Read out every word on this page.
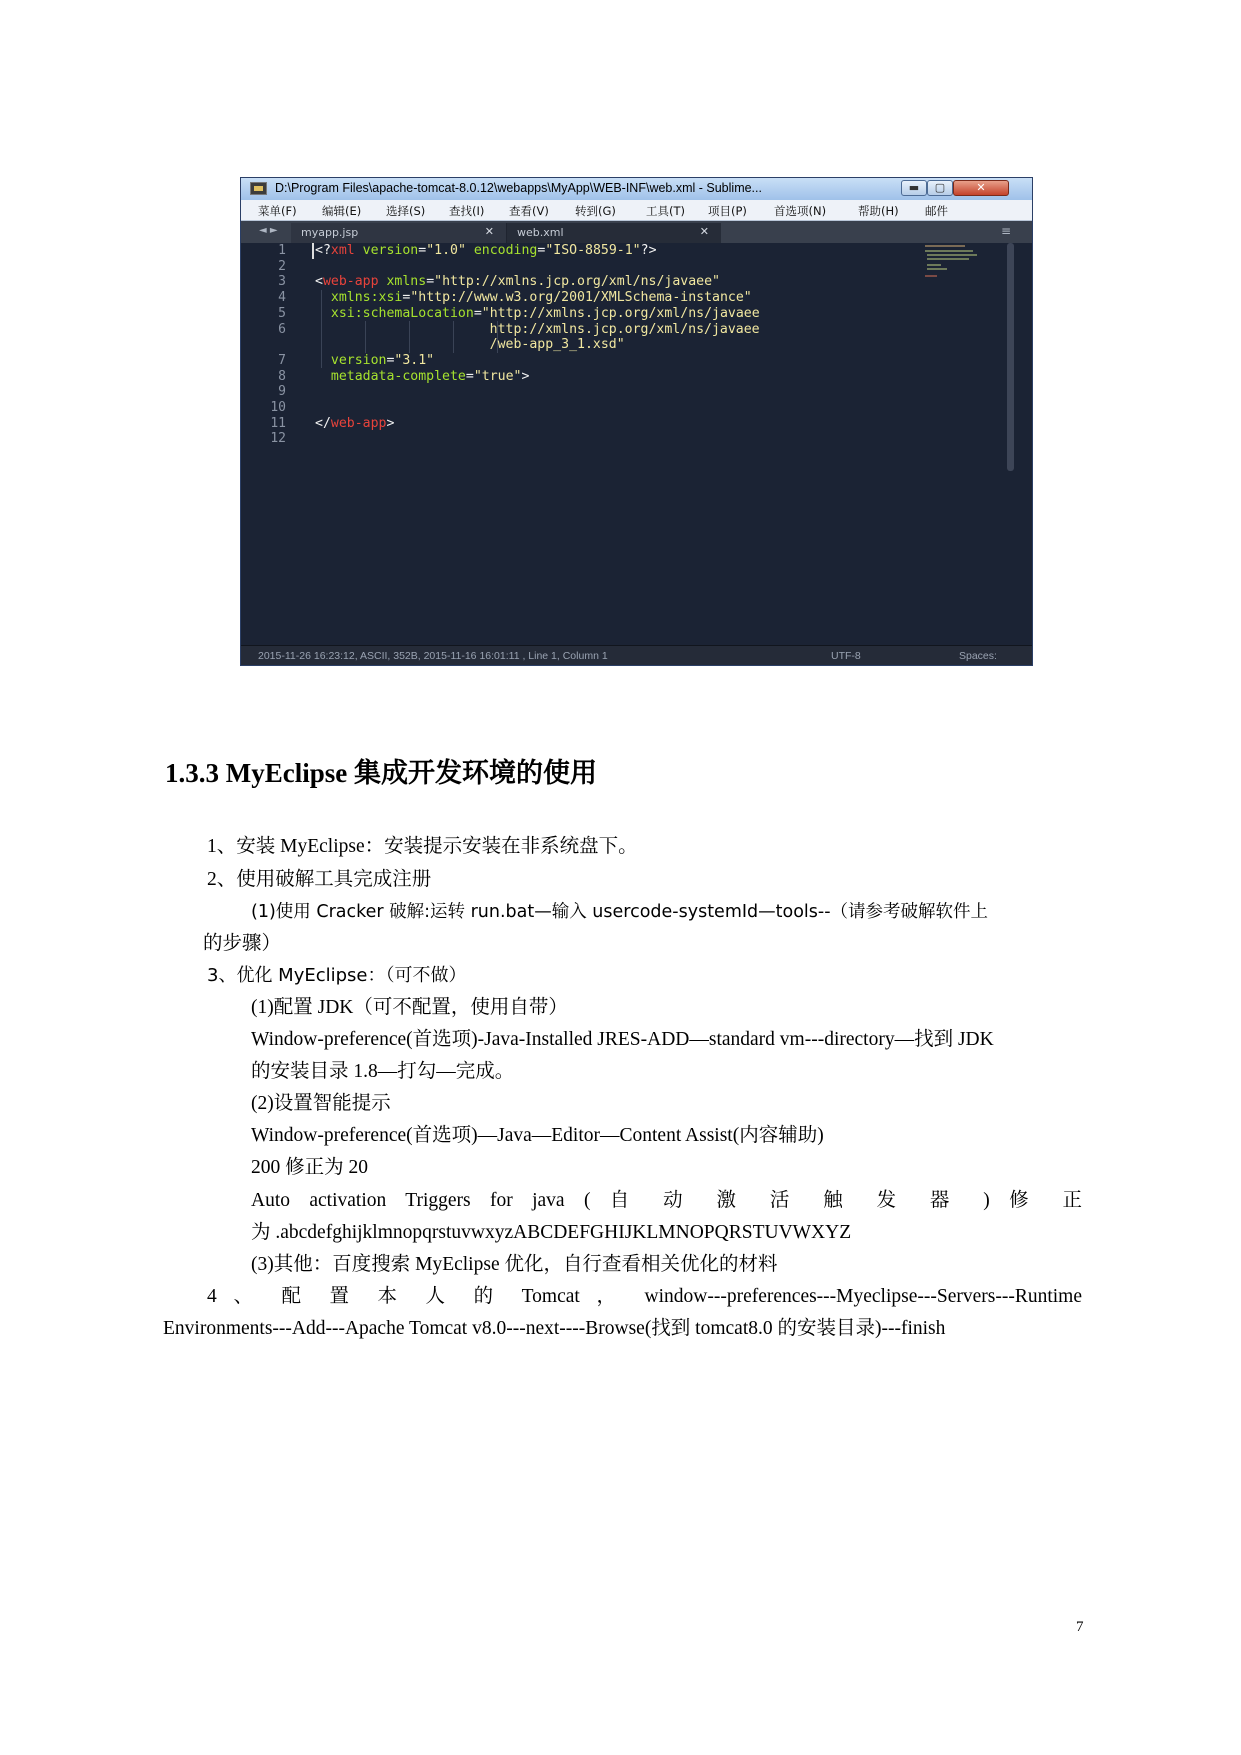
D:\Program Files\apache-tomcat-8.0.12\webapps\MyApp\WEB-INF\web.xml - Sublime...	▬	▢	✕
菜单(F) 编辑(E) 选择(S) 查找(I) 查看(V) 转到(G)	工具(T) 项目(P) 首选项(N)	帮助(H) 邮件
◄ ► myapp.jsp	✕ web.xml	✕	≡
1
2
3
4
5
6
7
8
9
10
11
12
<?xml version="1.0" encoding="ISO-8859-1"?>
<web-app xmlns="http://xmlns.jcp.org/xml/ns/javaee"
xmlns:xsi="http://www.w3.org/2001/XMLSchema-instance"
xsi:schemaLocation="http://xmlns.jcp.org/xml/ns/javaee
http://xmlns.jcp.org/xml/ns/javaee
/web-app_3_1.xsd"
version="3.1"
metadata-complete="true">
</web-app>
2015-11-26 16:23:12, ASCII, 352B, 2015-11-16 16:01:11 , Line 1, Column 1	UTF-8	Spaces:
1.3.3 MyEclipse 集成开发环境的使用
1、安装 MyEclipse：安装提示安装在非系统盘下。
2、使用破解工具完成注册
(1)使用 Cracker 破解:运转 run.bat—输入 usercode-systemId—tools--（请参考破解软件上
的步骤）
3、优化 MyEclipse：（可不做）
(1)配置 JDK（可不配置，使用自带）
Window-preference(首选项)-Java-Installed JRES-ADD—standard vm---directory—找到 JDK
的安装目录 1.8—打勾—完成。
(2)设置智能提示
Window-preference(首选项)—Java—Editor—Content Assist(内容辅助)
200 修正为 20
Auto activation Triggers for java ( 自 动 激 活 触 发 器 ) 修 正
为 .abcdefghijklmnopqrstuvwxyzABCDEFGHIJKLMNOPQRSTUVWXYZ
(3)其他：百度搜索 MyEclipse 优化，自行查看相关优化的材料
4 、 配 置 本 人 的 Tomcat ， window---preferences---Myeclipse---Servers---Runtime
Environments---Add---Apache Tomcat v8.0---next----Browse(找到 tomcat8.0 的安装目录)---finish
7
